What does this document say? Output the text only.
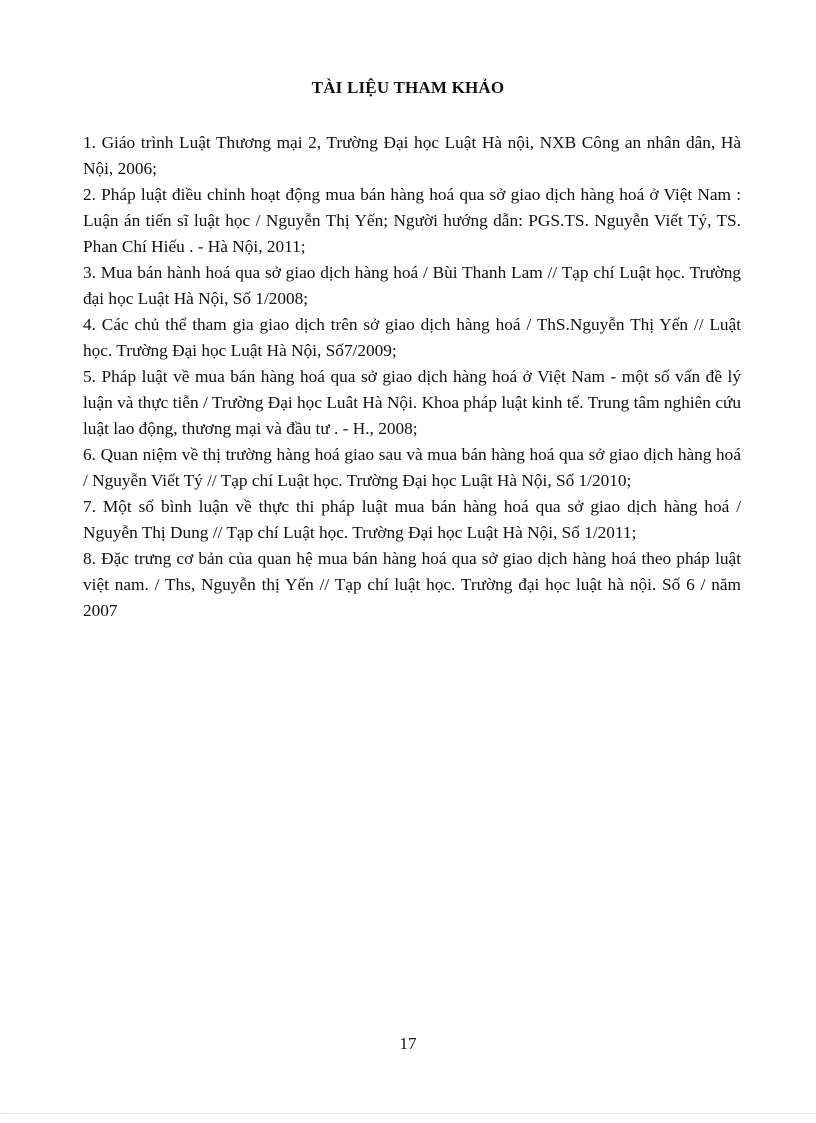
TÀI LIỆU THAM KHẢO
1. Giáo trình Luật Thương mại 2, Trường Đại học Luật Hà nội, NXB Công an nhân dân, Hà Nội, 2006;
2. Pháp luật điều chỉnh hoạt động mua bán hàng hoá qua sở giao dịch hàng hoá ở Việt Nam : Luận án tiến sĩ luật học / Nguyễn Thị Yến; Người hướng dẫn: PGS.TS. Nguyễn Viết Tý, TS. Phan Chí Hiếu . - Hà Nội, 2011;
3. Mua bán hành hoá qua sở giao dịch hàng hoá / Bùi Thanh Lam // Tạp chí Luật học. Trường đại học Luật Hà Nội, Số 1/2008;
4. Các chủ thể tham gia giao dịch trên sở giao dịch hàng hoá / ThS.Nguyễn Thị Yến // Luật học. Trường Đại học Luật Hà Nội, Số7/2009;
5. Pháp luật về mua bán hàng hoá qua sở giao dịch hàng hoá ở Việt Nam - một số vấn đề lý luận và thực tiễn / Trường Đại học Luât Hà Nội. Khoa pháp luật kinh tế. Trung tâm nghiên cứu luật lao động, thương mại và đầu tư . - H., 2008;
6. Quan niệm về thị trường hàng hoá giao sau và mua bán hàng hoá qua sở giao dịch hàng hoá / Nguyễn Viết Tý // Tạp chí Luật học. Trường Đại học Luật Hà Nội, Số 1/2010;
7. Một số bình luận về thực thi pháp luật mua bán hàng hoá qua sở giao dịch hàng hoá / Nguyễn Thị Dung // Tạp chí Luật học. Trường Đại học Luật Hà Nội, Số 1/2011;
8. Đặc trưng cơ bản của quan hệ mua bán hàng hoá qua sở giao dịch hàng hoá theo pháp luật việt nam. / Ths, Nguyễn thị Yến // Tạp chí luật học. Trường đại học luật hà nội. Số 6 / năm 2007
17
